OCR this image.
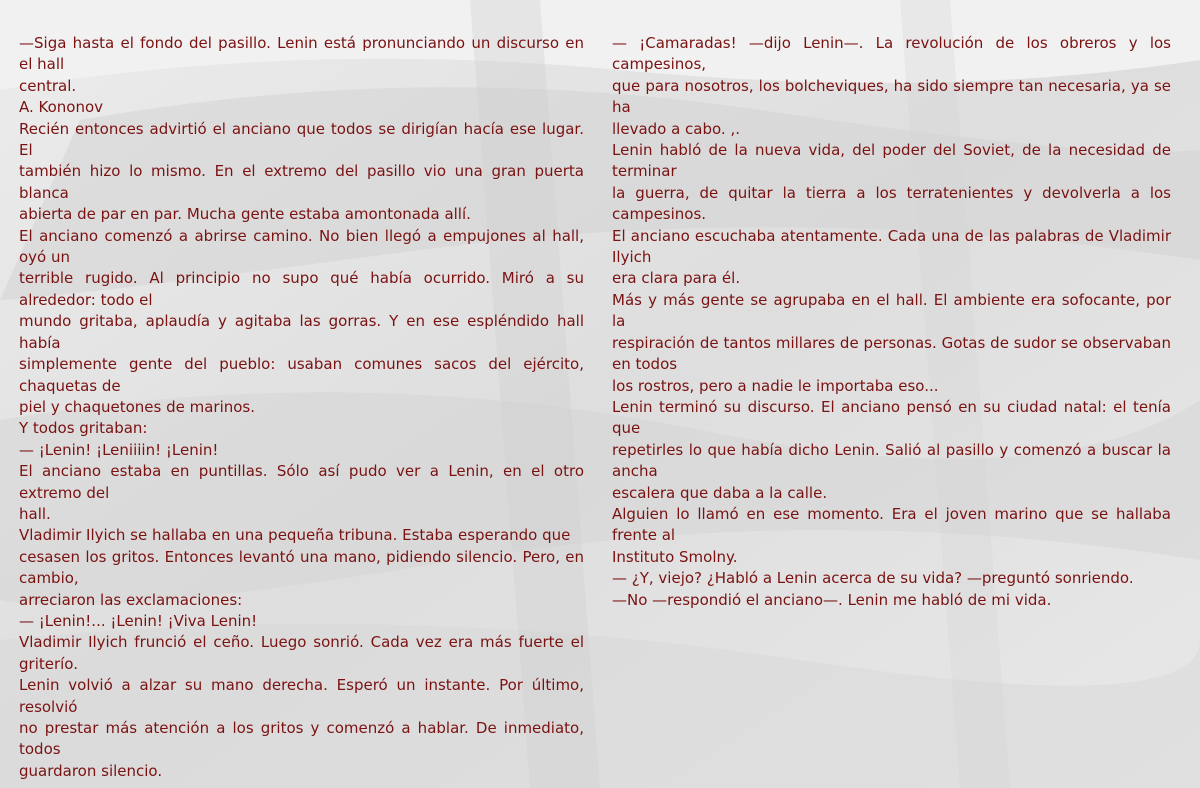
—Siga hasta el fondo del pasillo. Lenin está pronunciando un discurso en el hall

central.

A. Kononov

Recién entonces advirtió el anciano que todos se dirigían hacía ese lugar. El

también hizo lo mismo. En el extremo del pasillo vio una gran puerta blanca

abierta de par en par. Mucha gente estaba amontonada allí.

El anciano comenzó a abrirse camino. No bien llegó a empujones al hall, oyó un

terrible rugido. Al principio no supo qué había ocurrido. Miró a su alrededor: todo el

mundo gritaba, aplaudía y agitaba las gorras. Y en ese espléndido hall había

simplemente gente del pueblo: usaban comunes sacos del ejército, chaquetas de

piel y chaquetones de marinos.

Y todos gritaban:

— ¡Lenin! ¡Leniiiin! ¡Lenin!

El anciano estaba en puntillas. Sólo así pudo ver a Lenin, en el otro extremo del

hall.

Vladimir Ilyich se hallaba en una pequeña tribuna. Estaba esperando que

cesasen los gritos. Entonces levantó una mano, pidiendo silencio. Pero, en cambio,

arreciaron las exclamaciones:

— ¡Lenin!... ¡Lenin! ¡Viva Lenin!

Vladimir Ilyich frunció el ceño. Luego sonrió. Cada vez era más fuerte el griterío.

Lenin volvió a alzar su mano derecha. Esperó un instante. Por último, resolvió

no prestar más atención a los gritos y comenzó a hablar. De inmediato, todos

guardaron silencio.

— ¡Camaradas! —dijo Lenin—. La revolución de los obreros y los campesinos,

que para nosotros, los bolcheviques, ha sido siempre tan necesaria, ya se ha

llevado a cabo. ,.

Lenin habló de la nueva vida, del poder del Soviet, de la necesidad de terminar

la guerra, de quitar la tierra a los terratenientes y devolverla a los campesinos.

El anciano escuchaba atentamente. Cada una de las palabras de Vladimir Ilyich

era clara para él.

Más y más gente se agrupaba en el hall. El ambiente era sofocante, por la

respiración de tantos millares de personas. Gotas de sudor se observaban en todos

los rostros, pero a nadie le importaba eso...

Lenin terminó su discurso. El anciano pensó en su ciudad natal: el tenía que

repetirles lo que había dicho Lenin. Salió al pasillo y comenzó a buscar la ancha

escalera que daba a la calle.

Alguien lo llamó en ese momento. Era el joven marino que se hallaba frente al

Instituto Smolny.

— ¿Y, viejo? ¿Habló a Lenin acerca de su vida? —preguntó sonriendo.

—No —respondió el anciano—. Lenin me habló de mi vida.
